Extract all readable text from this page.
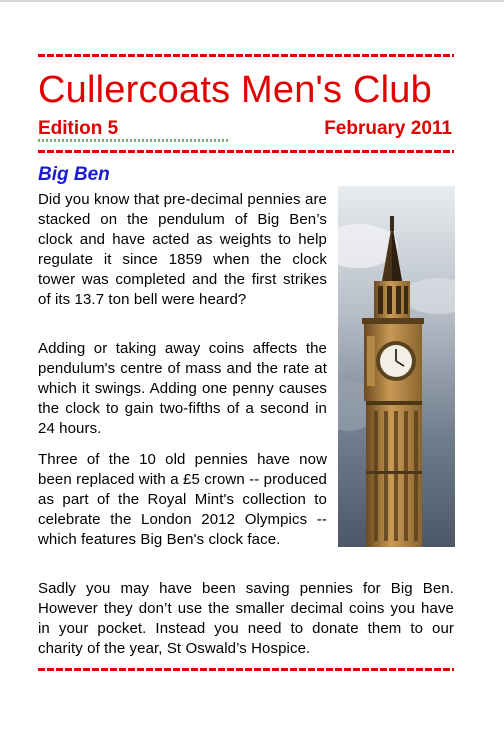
Cullercoats Men's Club
Edition 5	February 2011
Big Ben

Did you know that pre-decimal pennies are stacked on the pendulum of Big Ben’s clock and have acted as weights to help regulate it since 1859 when the clock tower was completed and the first strikes of its 13.7 ton bell were heard?

Adding or taking away coins affects the pendulum's centre of mass and the rate at which it swings. Adding one penny causes the clock to gain two-fifths of a second in 24 hours.

Three of the 10 old pennies have now been replaced with a £5 crown -- produced as part of the Royal Mint's collection to celebrate the London 2012 Olympics -- which features Big Ben's clock face.

Sadly you may have been saving pennies for Big Ben. However they don’t use the smaller decimal coins you have in your pocket. Instead you need to donate them to our charity of the year, St Oswald’s Hospice.
